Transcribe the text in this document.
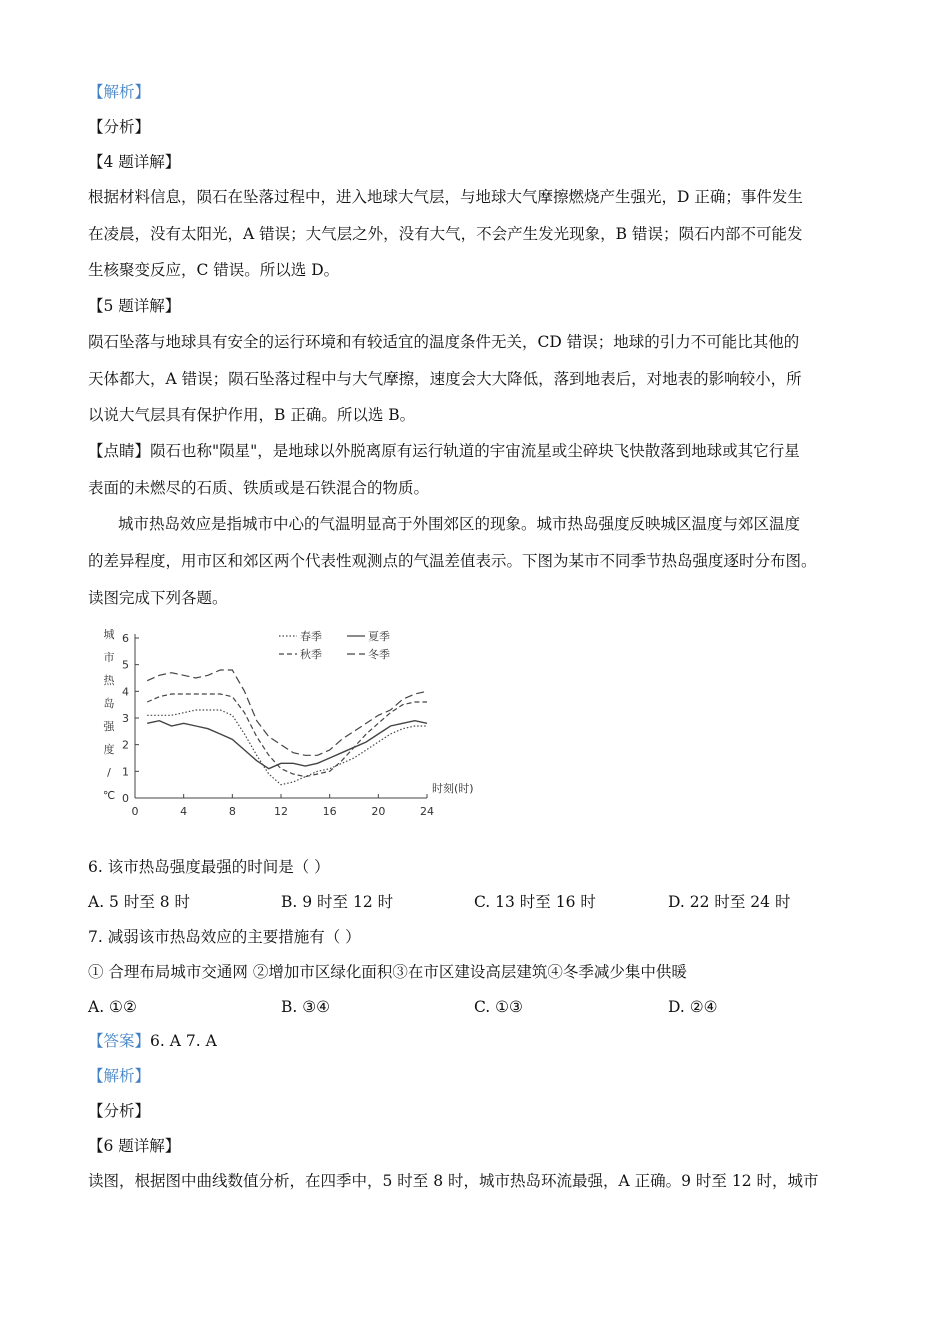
【解析】
【分析】
【4 题详解】
根据材料信息，陨石在坠落过程中，进入地球大气层，与地球大气摩擦燃烧产生强光，D 正确；事件发生
在凌晨，没有太阳光，A 错误；大气层之外，没有大气，不会产生发光现象，B 错误；陨石内部不可能发
生核聚变反应，C 错误。所以选 D。
【5 题详解】
陨石坠落与地球具有安全的运行环境和有较适宜的温度条件无关，CD 错误；地球的引力不可能比其他的
天体都大，A 错误；陨石坠落过程中与大气摩擦，速度会大大降低，落到地表后，对地表的影响较小，所
以说大气层具有保护作用，B 正确。所以选 B。
【点睛】陨石也称"陨星"，是地球以外脱离原有运行轨道的宇宙流星或尘碎块飞快散落到地球或其它行星
表面的未燃尽的石质、铁质或是石铁混合的物质。
城市热岛效应是指城市中心的气温明显高于外围郊区的现象。城市热岛强度反映城区温度与郊区温度
的差异程度，用市区和郊区两个代表性观测点的气温差值表示。下图为某市不同季节热岛强度逐时分布图。
读图完成下列各题。
城
市
热
岛
强
度
/
℃ 0
1
2
3
4
5
6
0	4	8	12	16	20	24
春季	夏季
秋季	冬季
时刻(时)
6. 该市热岛强度最强的时间是（ ）
A. 5 时至 8 时	B. 9 时至 12 时	C. 13 时至 16 时	D. 22 时至 24 时
7. 减弱该市热岛效应的主要措施有（ ）
① 合理布局城市交通网 ②增加市区绿化面积③在市区建设高层建筑④冬季减少集中供暖
A. ①②	B. ③④	C. ①③	D. ②④
【答案】6. A 7. A
【解析】
【分析】
【6 题详解】
读图，根据图中曲线数值分析，在四季中，5 时至 8 时，城市热岛环流最强，A 正确。9 时至 12 时，城市
